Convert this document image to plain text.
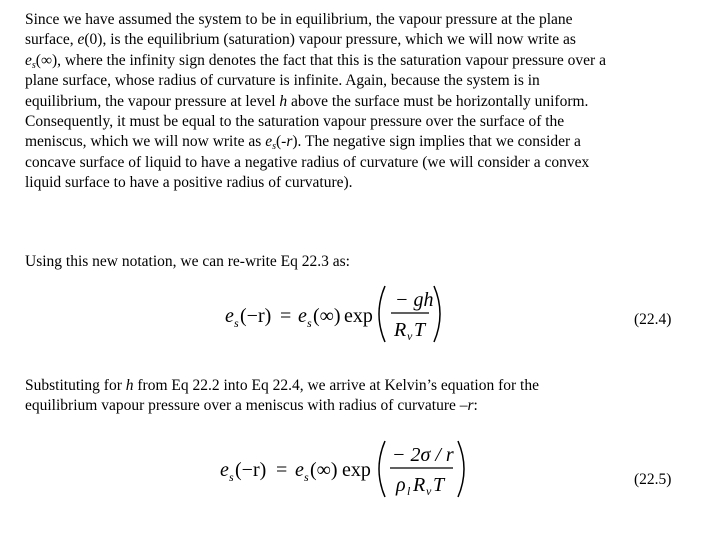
Since we have assumed the system to be in equilibrium, the vapour pressure at the plane
surface, e(0), is the equilibrium (saturation) vapour pressure, which we will now write as
$e_s(\infty)$, where the infinity sign denotes the fact that this is the saturation vapour pressure over a
plane surface, whose radius of curvature is infinite. Again, because the system is in
equilibrium, the vapour pressure at level h above the surface must be horizontally uniform.
Consequently, it must be equal to the saturation vapour pressure over the surface of the
meniscus, which we will now write as $e_s(-r)$. The negative sign implies that we consider a
concave surface of liquid to have a negative radius of curvature (we will consider a convex
liquid surface to have a positive radius of curvature).
Using this new notation, we can re-write Eq 22.3 as:
e s (−r) = e s (∞) exp
− gh
R v T	(22.4)
Substituting for h from Eq 22.2 into Eq 22.4, we arrive at Kelvin’s equation for the
equilibrium vapour pressure over a meniscus with radius of curvature –r:
e s (−r) = e s (∞) exp
− 2σ / r
ρ l R v T	(22.5)
